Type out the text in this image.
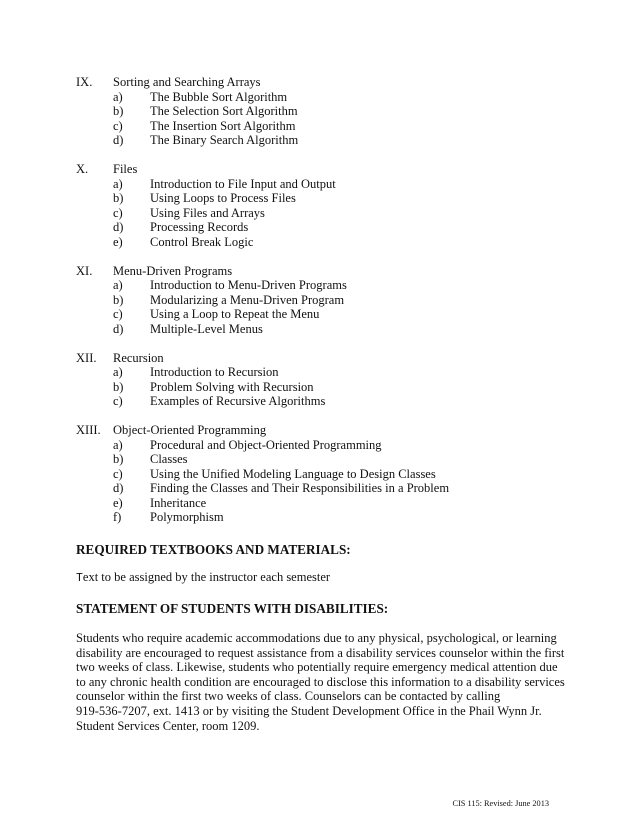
IX.	Sorting and Searching Arrays
a)	The Bubble Sort Algorithm
b)	The Selection Sort Algorithm
c)	The Insertion Sort Algorithm
d)	The Binary Search Algorithm
X.	Files
a)	Introduction to File Input and Output
b)	Using Loops to Process Files
c)	Using Files and Arrays
d)	Processing Records
e)	Control Break Logic
XI.	Menu-Driven Programs
a)	Introduction to Menu-Driven Programs
b)	Modularizing a Menu-Driven Program
c)	Using a Loop to Repeat the Menu
d)	Multiple-Level Menus
XII.	Recursion
a)	Introduction to Recursion
b)	Problem Solving with Recursion
c)	Examples of Recursive Algorithms
XIII. Object-Oriented Programming
a)	Procedural and Object-Oriented Programming
b)	Classes
c)	Using the Unified Modeling Language to Design Classes
d)	Finding the Classes and Their Responsibilities in a Problem
e)	Inheritance
f)	Polymorphism
REQUIRED TEXTBOOKS AND MATERIALS:
Text to be assigned by the instructor each semester
STATEMENT OF STUDENTS WITH DISABILITIES:
Students who require academic accommodations due to any physical, psychological, or learning
disability are encouraged to request assistance from a disability services counselor within the first
two weeks of class. Likewise, students who potentially require emergency medical attention due
to any chronic health condition are encouraged to disclose this information to a disability services
counselor within the first two weeks of class. Counselors can be contacted by calling
919-536-7207, ext. 1413 or by visiting the Student Development Office in the Phail Wynn Jr.
Student Services Center, room 1209.
CIS 115: Revised: June 2013
